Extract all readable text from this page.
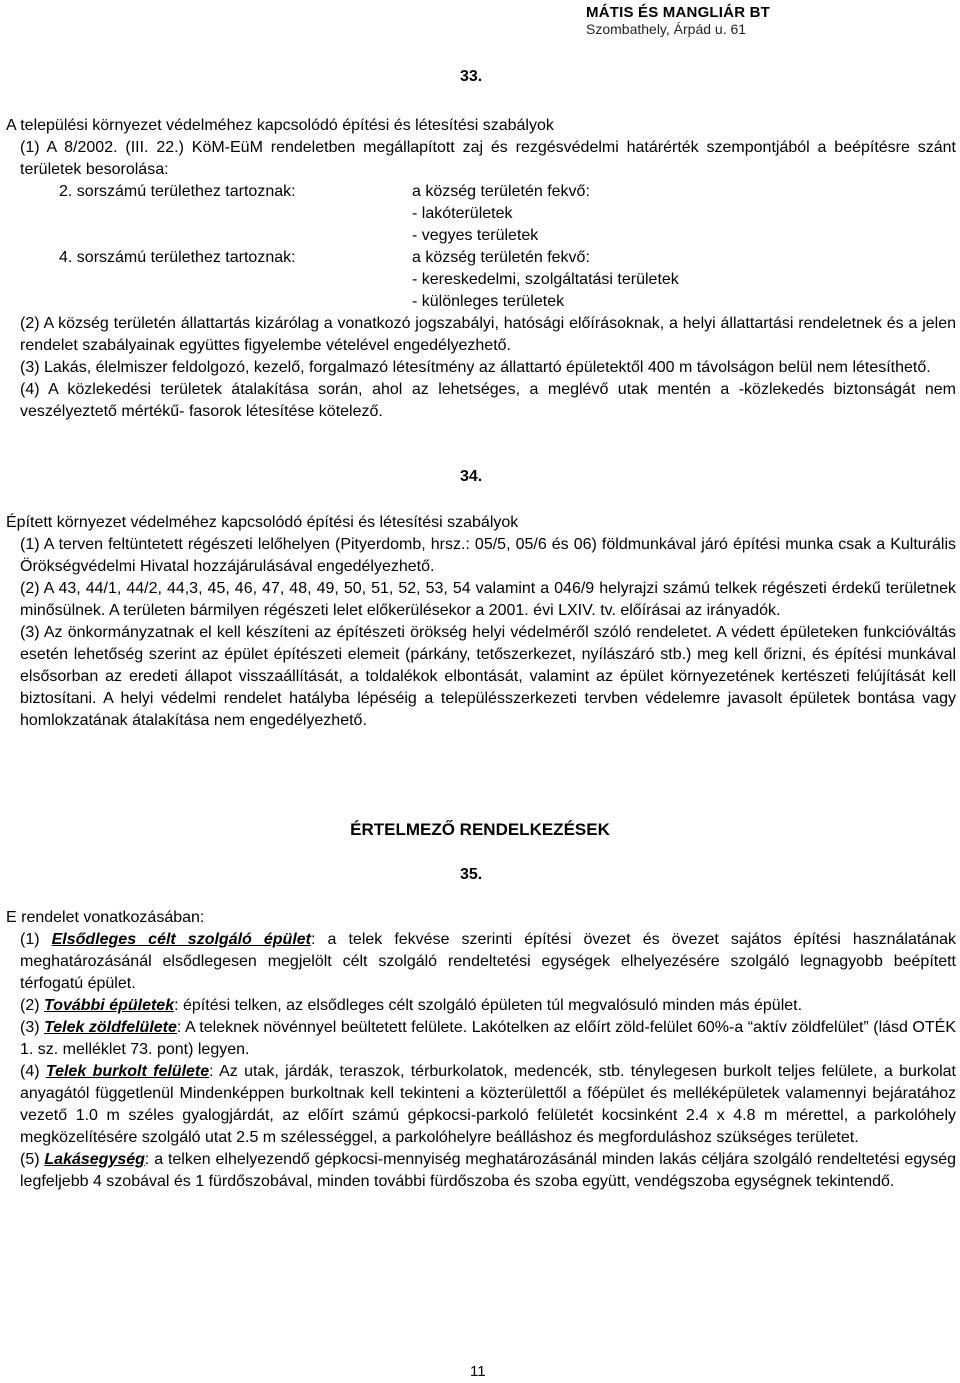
MÁTIS ÉS MANGLIÁR BT
Szombathely, Árpád u. 61
33.

A települési környezet védelméhez kapcsolódó építési és létesítési szabályok

(1) A 8/2002. (III. 22.) KöM-EüM rendeletben megállapított zaj és rezgésvédelmi határérték szempontjából a beépítésre szánt területek besorolása:

2. sorszámú területhez tartoznak:	a község területén fekvő:
- lakóterületek
- vegyes területek
4. sorszámú területhez tartoznak:	a község területén fekvő:
- kereskedelmi, szolgáltatási területek
- különleges területek

(2) A község területén állattartás kizárólag a vonatkozó jogszabályi, hatósági előírásoknak, a helyi állattartási rendeletnek és a jelen rendelet szabályainak együttes figyelembe vételével engedélyezhető.

(3) Lakás, élelmiszer feldolgozó, kezelő, forgalmazó létesítmény az állattartó épületektől 400 m távolságon belül nem létesíthető.

(4) A közlekedési területek átalakítása során, ahol az lehetséges, a meglévő utak mentén a -közlekedés biztonságát nem veszélyeztető mértékű- fasorok létesítése kötelező.

34.

Épített környezet védelméhez kapcsolódó építési és létesítési szabályok

(1) A terven feltüntetett régészeti lelőhelyen (Pityerdomb, hrsz.: 05/5, 05/6 és 06) földmunkával járó építési munka csak a Kulturális Örökségvédelmi Hivatal hozzájárulásával engedélyezhető.

(2) A 43, 44/1, 44/2, 44,3, 45, 46, 47, 48, 49, 50, 51, 52, 53, 54 valamint a 046/9 helyrajzi számú telkek régészeti érdekű területnek minősülnek. A területen bármilyen régészeti lelet előkerülésekor a 2001. évi LXIV. tv. előírásai az irányadók.

(3) Az önkormányzatnak el kell készíteni az építészeti örökség helyi védelméről szóló rendeletet. A védett épületeken funkcióváltás esetén lehetőség szerint az épület építészeti elemeit (párkány, tetőszerkezet, nyílászáró stb.) meg kell őrizni, és építési munkával elsősorban az eredeti állapot visszaállítását, a toldalékok elbontását, valamint az épület környezetének kertészeti felújítását kell biztosítani. A helyi védelmi rendelet hatályba lépéséig a településszerkezeti tervben védelemre javasolt épületek bontása vagy homlokzatának átalakítása nem engedélyezhető.

ÉRTELMEZŐ RENDELKEZÉSEK
35.

E rendelet vonatkozásában:

(1) Elsődleges célt szolgáló épület: a telek fekvése szerinti építési övezet és övezet sajátos építési használatának meghatározásánál elsődlegesen megjelölt célt szolgáló rendeltetési egységek elhelyezésére szolgáló legnagyobb beépített térfogatú épület.

(2) További épületek: építési telken, az elsődleges célt szolgáló épületen túl megvalósuló minden más épület.

(3) Telek zöldfelülete: A teleknek növénnyel beültetett felülete. Lakótelken az előírt zöld-felület 60%-a “aktív zöldfelület” (lásd OTÉK 1. sz. melléklet 73. pont) legyen.

(4) Telek burkolt felülete: Az utak, járdák, teraszok, térburkolatok, medencék, stb. ténylegesen burkolt teljes felülete, a burkolat anyagától függetlenül Mindenképpen burkoltnak kell tekinteni a közterülettől a főépület és melléképületek valamennyi bejáratához vezető 1.0 m széles gyalogjárdát, az előírt számú gépkocsi-parkoló felületét kocsinként 2.4 x 4.8 m mérettel, a parkolóhely megközelítésére szolgáló utat 2.5 m szélességgel, a parkolóhelyre beálláshoz és megforduláshoz szükséges területet.

(5) Lakásegység: a telken elhelyezendő gépkocsi-mennyiség meghatározásánál minden lakás céljára szolgáló rendeltetési egység legfeljebb 4 szobával és 1 fürdőszobával, minden további fürdőszoba és szoba együtt, vendégszoba egységnek tekintendő.

11
